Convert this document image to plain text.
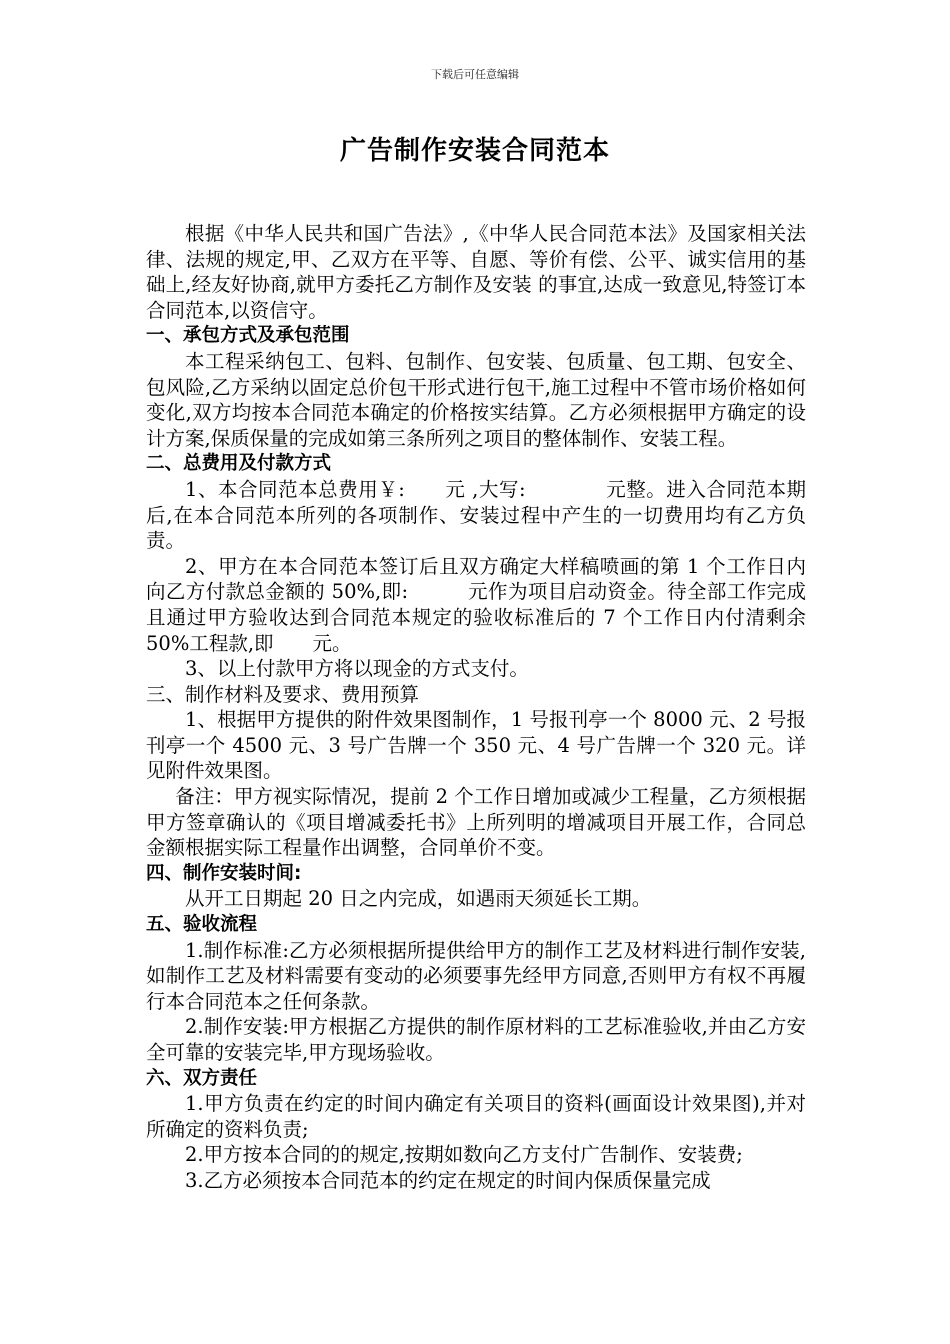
下载后可任意编辑
广告制作安装合同范本

根据《中华人民共和国广告法》,《中华人民合同范本法》及国家相关法律、法规的规定,甲、乙双方在平等、自愿、等价有偿、公平、诚实信用的基础上,经友好协商,就甲方委托乙方制作及安装 的事宜,达成一致意见,特签订本合同范本,以资信守。

一、承包方式及承包范围

本工程采纳包工、包料、包制作、包安装、包质量、包工期、包安全、包风险,乙方采纳以固定总价包干形式进行包干,施工过程中不管市场价格如何变化,双方均按本合同范本确定的价格按实结算。乙方必须根据甲方确定的设计方案,保质保量的完成如第三条所列之项目的整体制作、安装工程。

二、总费用及付款方式

1、本合同范本总费用￥:　　元 ,大写:　　　　元整。进入合同范本期后,在本合同范本所列的各项制作、安装过程中产生的一切费用均有乙方负责。

2、甲方在本合同范本签订后且双方确定大样稿喷画的第 1 个工作日内向乙方付款总金额的 50%,即:　　　元作为项目启动资金。待全部工作完成且通过甲方验收达到合同范本规定的验收标准后的 7 个工作日内付清剩余 50%工程款,即　　元。

3、以上付款甲方将以现金的方式支付。

三、制作材料及要求、费用预算

1、根据甲方提供的附件效果图制作，1 号报刊亭一个 8000 元、2 号报刊亭一个 4500 元、3 号广告牌一个 350 元、4 号广告牌一个 320 元。详见附件效果图。

备注：甲方视实际情况，提前 2 个工作日增加或减少工程量，乙方须根据甲方签章确认的《项目增减委托书》上所列明的增减项目开展工作，合同总金额根据实际工程量作出调整，合同单价不变。

四、制作安装时间:

从开工日期起 20 日之内完成，如遇雨天须延长工期。

五、验收流程

1.制作标准:乙方必须根据所提供给甲方的制作工艺及材料进行制作安装,如制作工艺及材料需要有变动的必须要事先经甲方同意,否则甲方有权不再履行本合同范本之任何条款。

2.制作安装:甲方根据乙方提供的制作原材料的工艺标准验收,并由乙方安全可靠的安装完毕,甲方现场验收。

六、双方责任

1.甲方负责在约定的时间内确定有关项目的资料(画面设计效果图),并对所确定的资料负责;

2.甲方按本合同的的规定,按期如数向乙方支付广告制作、安装费;

3.乙方必须按本合同范本的约定在规定的时间内保质保量完成
